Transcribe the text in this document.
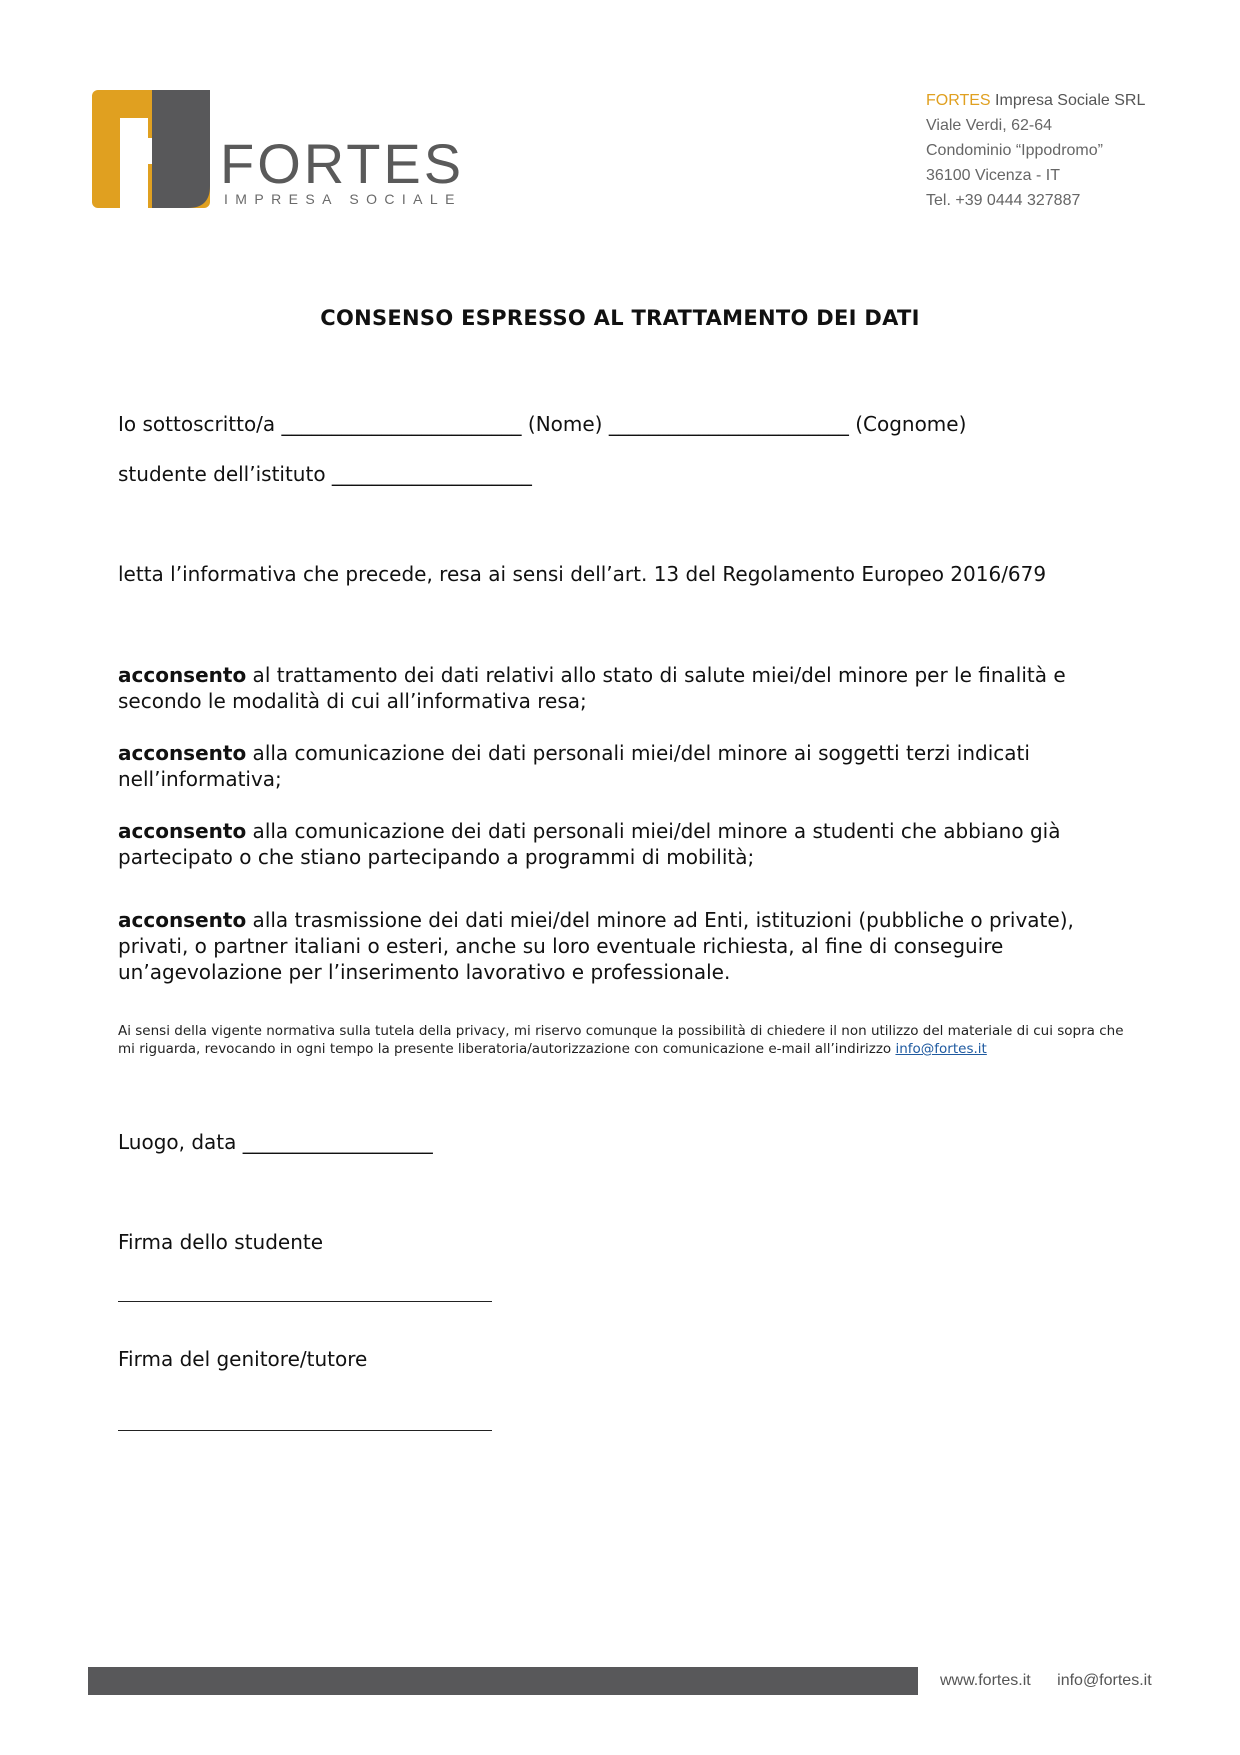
FORTES
IMPRESA SOCIALE
FORTES Impresa Sociale SRL
Viale Verdi, 62-64
Condominio “Ippodromo”
36100 Vicenza - IT
Tel. +39 0444 327887
CONSENSO ESPRESSO AL TRATTAMENTO DEI DATI
Io sottoscritto/a ________________________ (Nome) ________________________ (Cognome)
studente dell’istituto ____________________
letta l’informativa che precede, resa ai sensi dell’art. 13 del Regolamento Europeo 2016/679
acconsento al trattamento dei dati relativi allo stato di salute miei/del minore per le finalità e secondo le modalità di cui all’informativa resa;
acconsento alla comunicazione dei dati personali miei/del minore ai soggetti terzi indicati nell’informativa;
acconsento alla comunicazione dei dati personali miei/del minore a studenti che abbiano già partecipato o che stiano partecipando a programmi di mobilità;
acconsento alla trasmissione dei dati miei/del minore ad Enti, istituzioni (pubbliche o private), privati, o partner italiani o esteri, anche su loro eventuale richiesta, al fine di conseguire un’agevolazione per l’inserimento lavorativo e professionale.
Ai sensi della vigente normativa sulla tutela della privacy, mi riservo comunque la possibilità di chiedere il non utilizzo del materiale di cui sopra che mi riguarda, revocando in ogni tempo la presente liberatoria/autorizzazione con comunicazione e-mail all’indirizzo info@fortes.it
Luogo, data ___________________
Firma dello studente
Firma del genitore/tutore
www.fortes.it info@fortes.it
